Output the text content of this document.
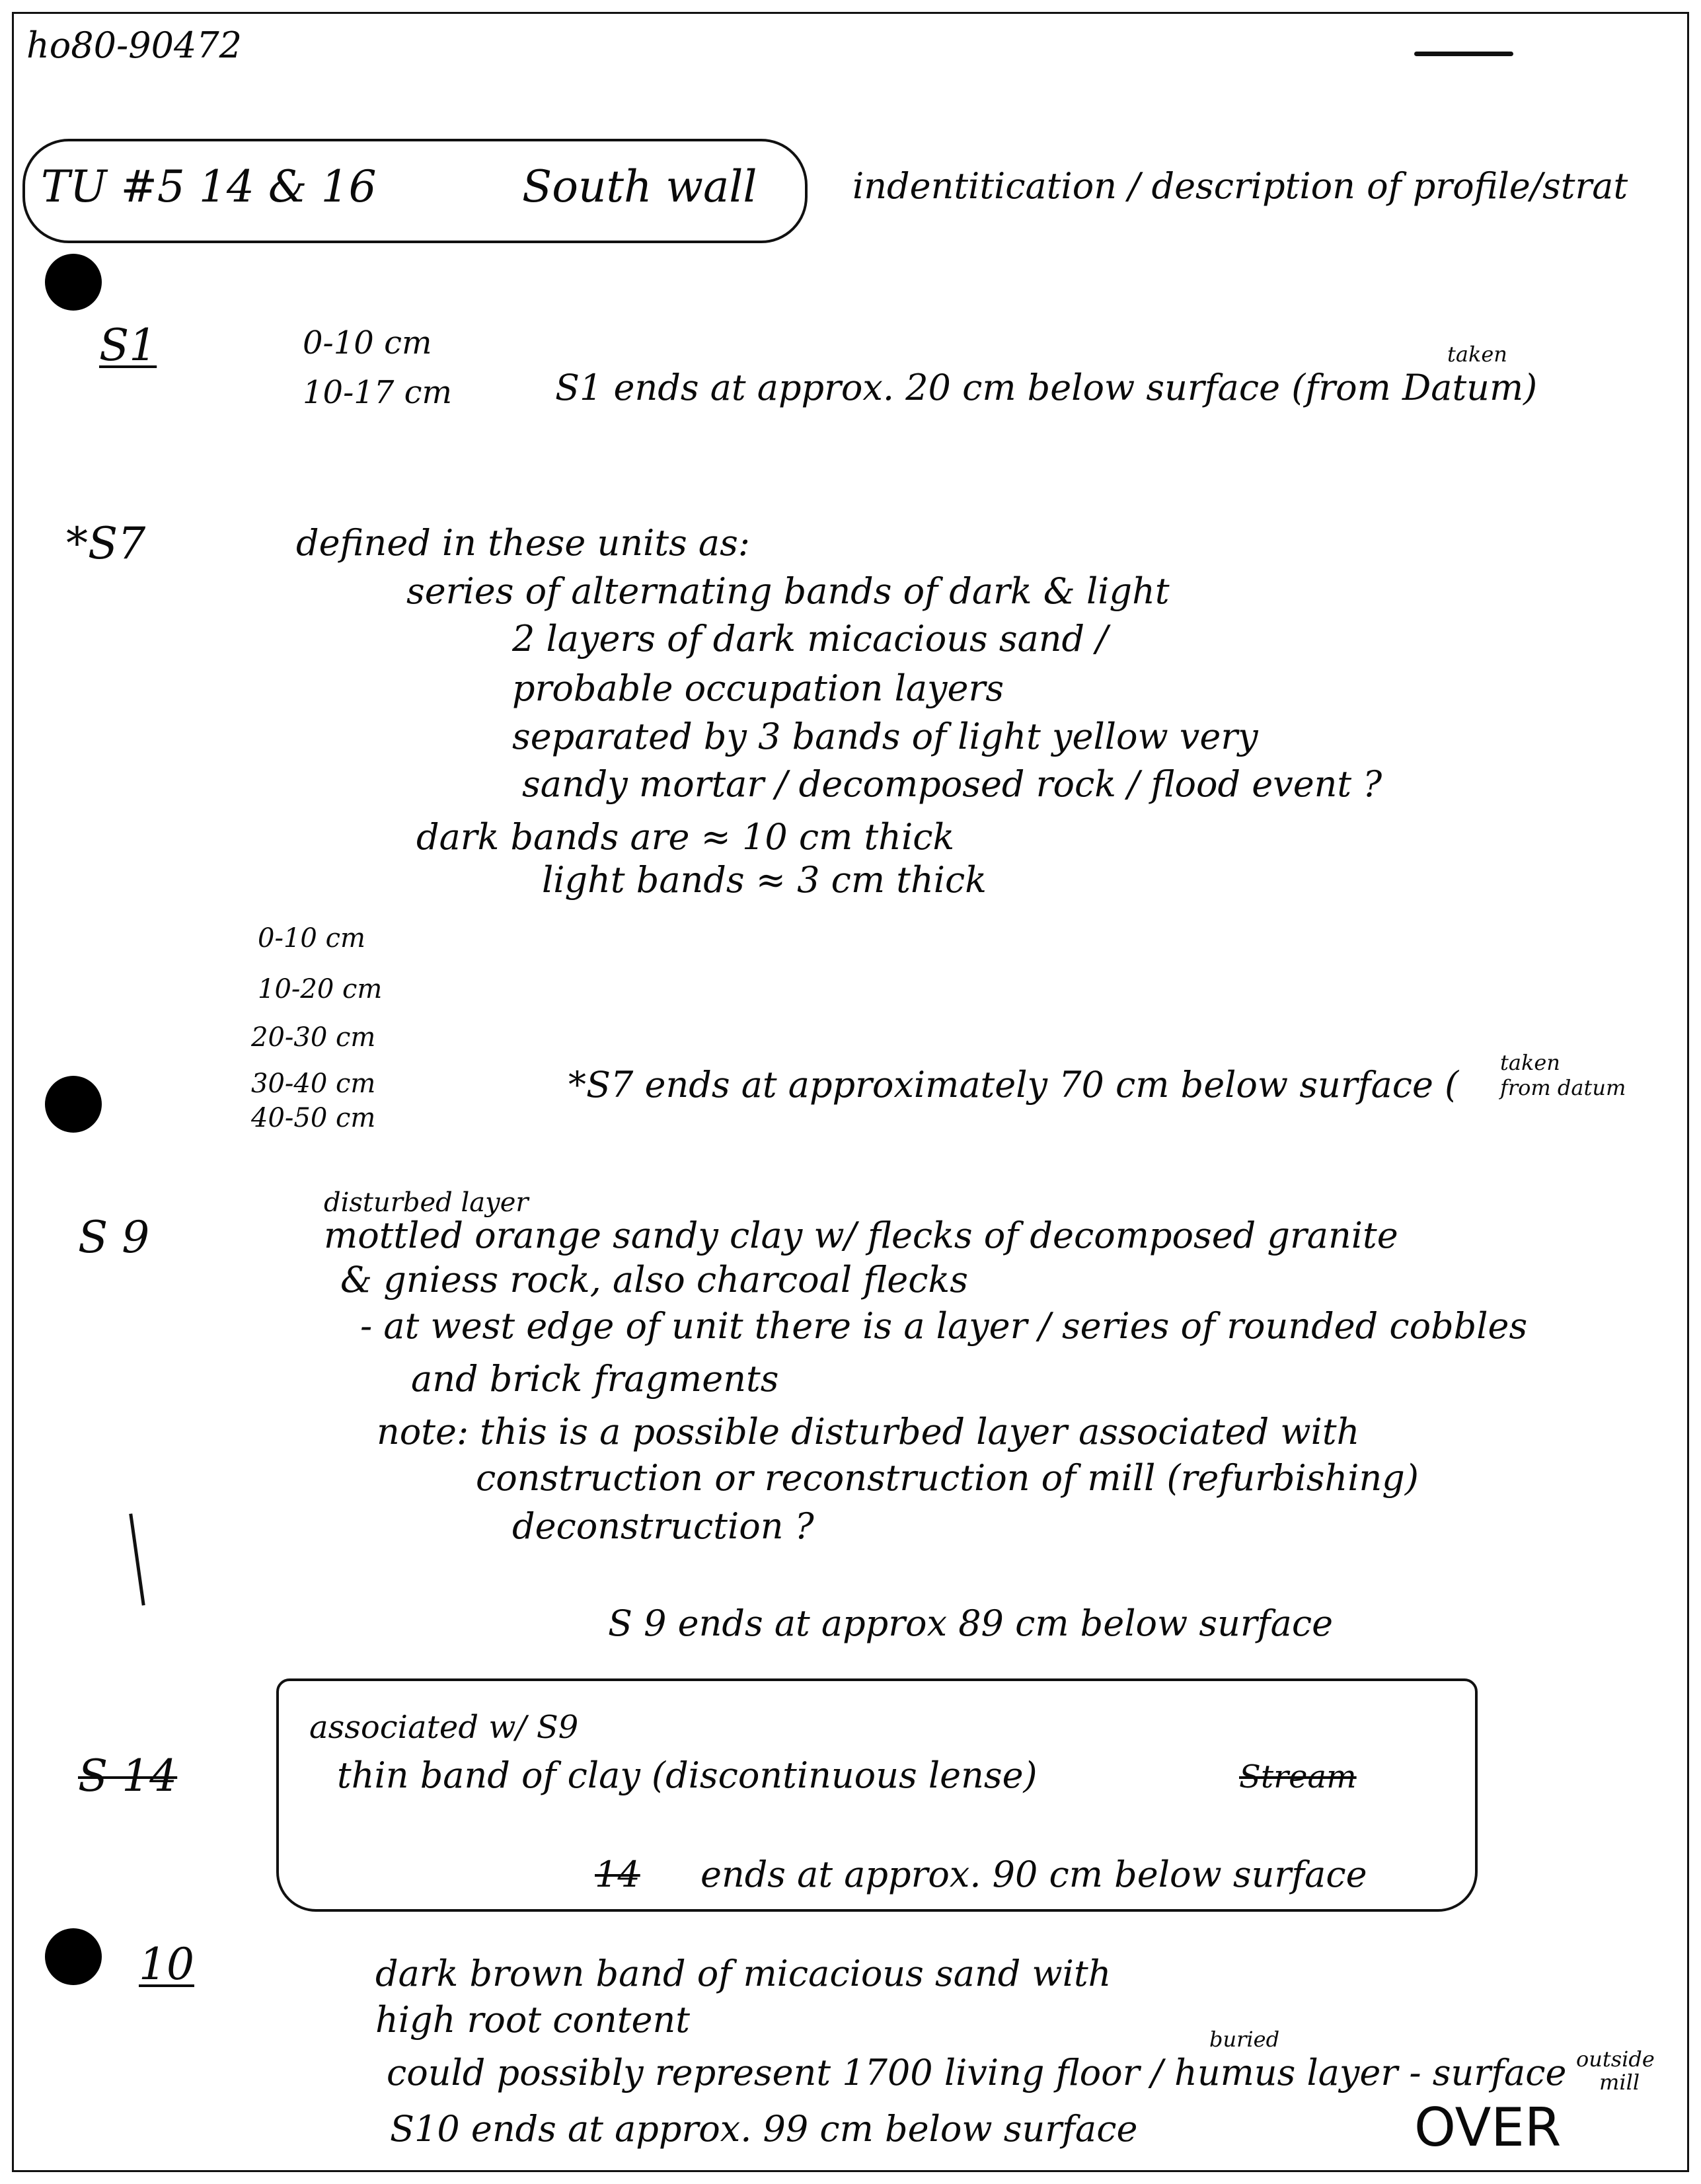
ho80-90472
TU #5 14 & 16	South wall	indentitication / description of profile/strat
S1	0-10 cm
10-17 cm
taken
S1 ends at approx. 20 cm below surface (from Datum)
*S7	defined in these units as:
series of alternating bands of dark & light
2 layers of dark micacious sand /
probable occupation layers
separated by 3 bands of light yellow very
sandy mortar / decomposed rock / flood event ?
dark bands are ≈ 10 cm thick
light bands ≈ 3 cm thick
0-10 cm
10-20 cm
20-30 cm
30-40 cm
40-50 cm
*S7 ends at approximately 70 cm below surface (
taken
from datum
S 9
disturbed layer
mottled orange sandy clay w/ flecks of decomposed granite
& gniess rock, also charcoal flecks
- at west edge of unit there is a layer / series of rounded cobbles
and brick fragments
note: this is a possible disturbed layer associated with
construction or reconstruction of mill (refurbishing)
deconstruction ?
S 9 ends at approx 89 cm below surface
S 14
associated w/ S9
thin band of clay (discontinuous lense)	Stream
14 ends at approx. 90 cm below surface
10	dark brown band of micacious sand with
high root content	buried
could possibly represent 1700 living floor / humus layer - surface outside
mill
S10 ends at approx. 99 cm below surface	OVER
